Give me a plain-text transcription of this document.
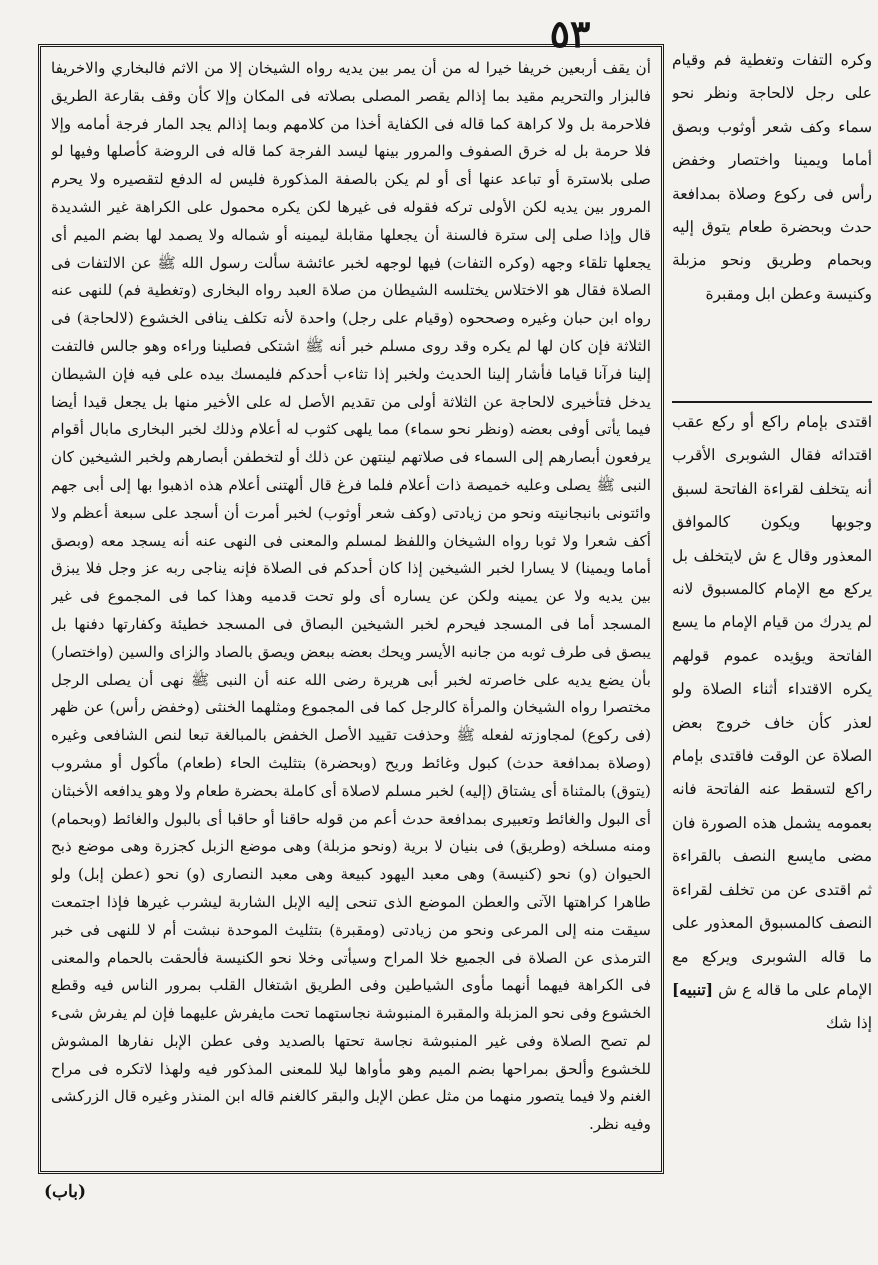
٥٣

أن يقف أربعين خريفا خيرا له من أن يمر بين يديه رواه الشيخان إلا من الاثم فالبخاري والاخريفا فالبزار والتحريم مقيد بما إذالم يقصر المصلى بصلاته فى المكان وإلا كأن وقف بقارعة الطريق فلاحرمة بل ولا كراهة كما قاله فى الكفاية أخذا من كلامهم وبما إذالم يجد المار فرجة أمامه وإلا فلا حرمة بل له خرق الصفوف والمرور بينها ليسد الفرجة كما قاله فى الروضة كأصلها وفيها لو صلى بلاسترة أو تباعد عنها أى أو لم يكن بالصفة المذكورة فليس له الدفع لتقصيره ولا يحرم المرور بين يديه لكن الأولى تركه فقوله فى غيرها لكن يكره محمول على الكراهة غير الشديدة قال وإذا صلى إلى سترة فالسنة أن يجعلها مقابلة ليمينه أو شماله ولا يصمد لها بضم الميم أى يجعلها تلقاء وجهه (وكره التفات) فيها لوجهه لخبر عائشة سألت رسول الله ﷺ عن الالتفات فى الصلاة فقال هو الاختلاس يختلسه الشيطان من صلاة العبد رواه البخارى (وتغطية فم) للنهى عنه رواه ابن حبان وغيره وصححوه (وقيام على رجل) واحدة لأنه تكلف ينافى الخشوع (لالحاجة) فى الثلاثة فإن كان لها لم يكره وقد روى مسلم خبر أنه ﷺ اشتكى فصلينا وراءه وهو جالس فالتفت إلينا فرآنا قياما فأشار إلينا الحديث ولخبر إذا تثاءب أحدكم فليمسك بيده على فيه فإن الشيطان يدخل فتأخيرى لالحاجة عن الثلاثة أولى من تقديم الأصل له على الأخير منها بل يجعل قيدا أيضا فيما يأتى أوفى بعضه (ونظر نحو سماء) مما يلهى كثوب له أعلام وذلك لخبر البخارى مابال أقوام يرفعون أبصارهم إلى السماء فى صلاتهم لينتهن عن ذلك أو لتخطفن أبصارهم ولخبر الشيخين كان النبى ﷺ يصلى وعليه خميصة ذات أعلام فلما فرغ قال ألهتنى أعلام هذه اذهبوا بها إلى أبى جهم وائتونى بانبجانيته ونحو من زيادتى (وكف شعر أوثوب) لخبر أمرت أن أسجد على سبعة أعظم ولا أكف شعرا ولا ثوبا رواه الشيخان واللفظ لمسلم والمعنى فى النهى عنه أنه يسجد معه (وبصق أماما ويمينا) لا يسارا لخبر الشيخين إذا كان أحدكم فى الصلاة فإنه يناجى ربه عز وجل فلا يبزق بين يديه ولا عن يمينه ولكن عن يساره أى ولو تحت قدميه وهذا كما فى المجموع فى غير المسجد أما فى المسجد فيحرم لخبر الشيخين البصاق فى المسجد خطيئة وكفارتها دفنها بل يبصق فى طرف ثوبه من جانبه الأيسر ويحك بعضه ببعض ويصق بالصاد والزاى والسين (واختصار) بأن يضع يديه على خاصرته لخبر أبى هريرة رضى الله عنه أن النبى ﷺ نهى أن يصلى الرجل مختصرا رواه الشيخان والمرأة كالرجل كما فى المجموع ومثلهما الخنثى (وخفض رأس) عن ظهر (فى ركوع) لمجاوزته لفعله ﷺ وحذفت تقييد الأصل الخفض بالمبالغة تبعا لنص الشافعى وغيره (وصلاة بمدافعة حدث) كبول وغائط وريح (وبحضرة) بتثليث الحاء (طعام) مأكول أو مشروب (يتوق) بالمثناة أى يشتاق (إليه) لخبر مسلم لاصلاة أى كاملة بحضرة طعام ولا وهو يدافعه الأخبثان أى البول والغائط وتعبيرى بمدافعة حدث أعم من قوله حاقنا أو حاقبا أى بالبول والغائط (وبحمام) ومنه مسلخه (وطريق) فى بنيان لا برية (ونحو مزبلة) وهى موضع الزبل كجزرة وهى موضع ذبح الحيوان (و) نحو (كنيسة) وهى معبد اليهود كبيعة وهى معبد النصارى (و) نحو (عطن إبل) ولو طاهرا كراهتها الآتى والعطن الموضع الذى تنحى إليه الإبل الشاربة ليشرب غيرها فإذا اجتمعت سيقت منه إلى المرعى ونحو من زيادتى (ومقبرة) بتثليث الموحدة نبشت أم لا للنهى فى خبر الترمذى عن الصلاة فى الجميع خلا المراح وسيأتى وخلا نحو الكنيسة فألحقت بالحمام والمعنى فى الكراهة فيهما أنهما مأوى الشياطين وفى الطريق اشتغال القلب بمرور الناس فيه وقطع الخشوع وفى نحو المزبلة والمقبرة المنبوشة نجاستهما تحت مايفرش عليهما فإن لم يفرش شىء لم تصح الصلاة وفى غير المنبوشة نجاسة تحتها بالصديد وفى عطن الإبل نفارها المشوش للخشوع وألحق بمراحها بضم الميم وهو مأواها ليلا للمعنى المذكور فيه ولهذا لاتكره فى مراح الغنم ولا فيما يتصور منهما من مثل عطن الإبل والبقر كالغنم قاله ابن المنذر وغيره قال الزركشى وفيه نظر.

وكره التفات وتغطية فم وقيام على رجل لالحاجة ونظر نحو سماء وكف شعر أوثوب وبصق أماما ويمينا واختصار وخفض رأس فى ركوع وصلاة بمدافعة حدث وبحضرة طعام يتوق إليه وبحمام وطريق ونحو مزبلة وكنيسة وعطن ابل ومقبرة
اقتدى بإمام راكع أو ركع عقب اقتدائه فقال الشوبرى الأقرب أنه يتخلف لقراءة الفاتحة لسبق وجوبها ويكون كالموافق المعذور وقال ع ش لايتخلف بل يركع مع الإمام كالمسبوق لانه لم يدرك من قيام الإمام ما يسع الفاتحة ويؤيده عموم قولهم يكره الاقتداء أثناء الصلاة ولو لعذر كأن خاف خروج بعض الصلاة عن الوقت فاقتدى بإمام راكع لتسقط عنه الفاتحة فانه بعمومه يشمل هذه الصورة فان مضى مايسع النصف بالقراءة ثم اقتدى عن من تخلف لقراءة النصف كالمسبوق المعذور على ما قاله الشوبرى ويركع مع الإمام على ما قاله ع ش [تنبيه] إذا شك
(باب)
